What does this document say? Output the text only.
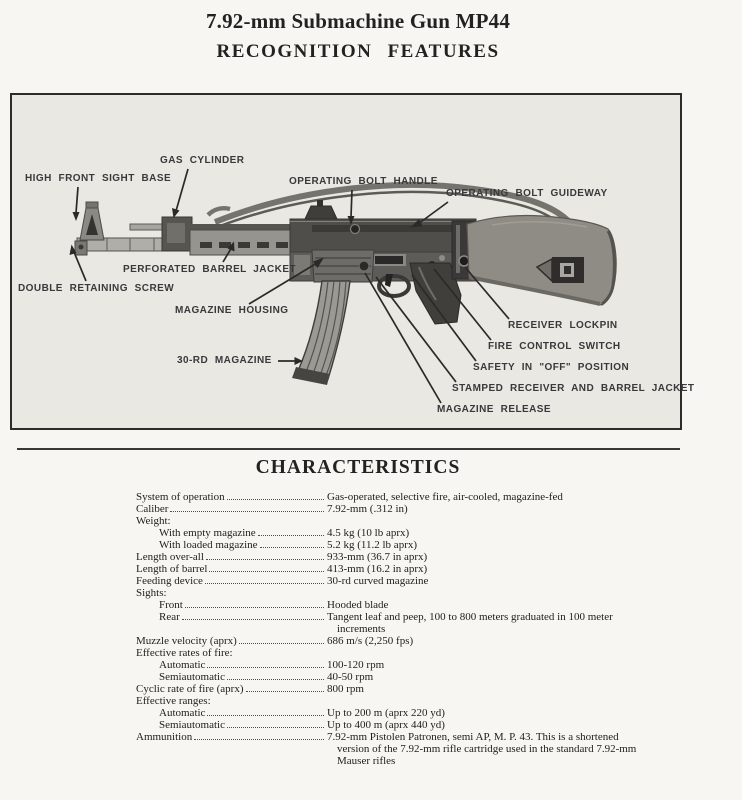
7.92-mm Submachine Gun MP44
RECOGNITION FEATURES
HIGH FRONT SIGHT BASE
GAS CYLINDER
OPERATING BOLT HANDLE
OPERATING BOLT GUIDEWAY
PERFORATED BARREL JACKET
DOUBLE RETAINING SCREW
MAGAZINE HOUSING
30-RD MAGAZINE
RECEIVER LOCKPIN
FIRE CONTROL SWITCH
SAFETY IN "OFF" POSITION
STAMPED RECEIVER AND BARREL JACKET
MAGAZINE RELEASE
CHARACTERISTICS
System of operation	Gas-operated, selective fire, air-cooled, magazine-fed
Caliber	7.92-mm (.312 in)
Weight:
With empty magazine	4.5 kg (10 lb aprx)
With loaded magazine	5.2 kg (11.2 lb aprx)
Length over-all	933-mm (36.7 in aprx)
Length of barrel	413-mm (16.2 in aprx)
Feeding device	30-rd curved magazine
Sights:
Front	Hooded blade
Rear	Tangent leaf and peep, 100 to 800 meters graduated in 100 meter increments
Muzzle velocity (aprx)	686 m/s (2,250 fps)
Effective rates of fire:
Automatic	100-120 rpm
Semiautomatic	40-50 rpm
Cyclic rate of fire (aprx)	800 rpm
Effective ranges:
Automatic	Up to 200 m (aprx 220 yd)
Semiautomatic	Up to 400 m (aprx 440 yd)
Ammunition	7.92-mm Pistolen Patronen, semi AP, M. P. 43. This is a shortened version of the 7.92-mm rifle cartridge used in the standard 7.92-mm Mauser rifles
